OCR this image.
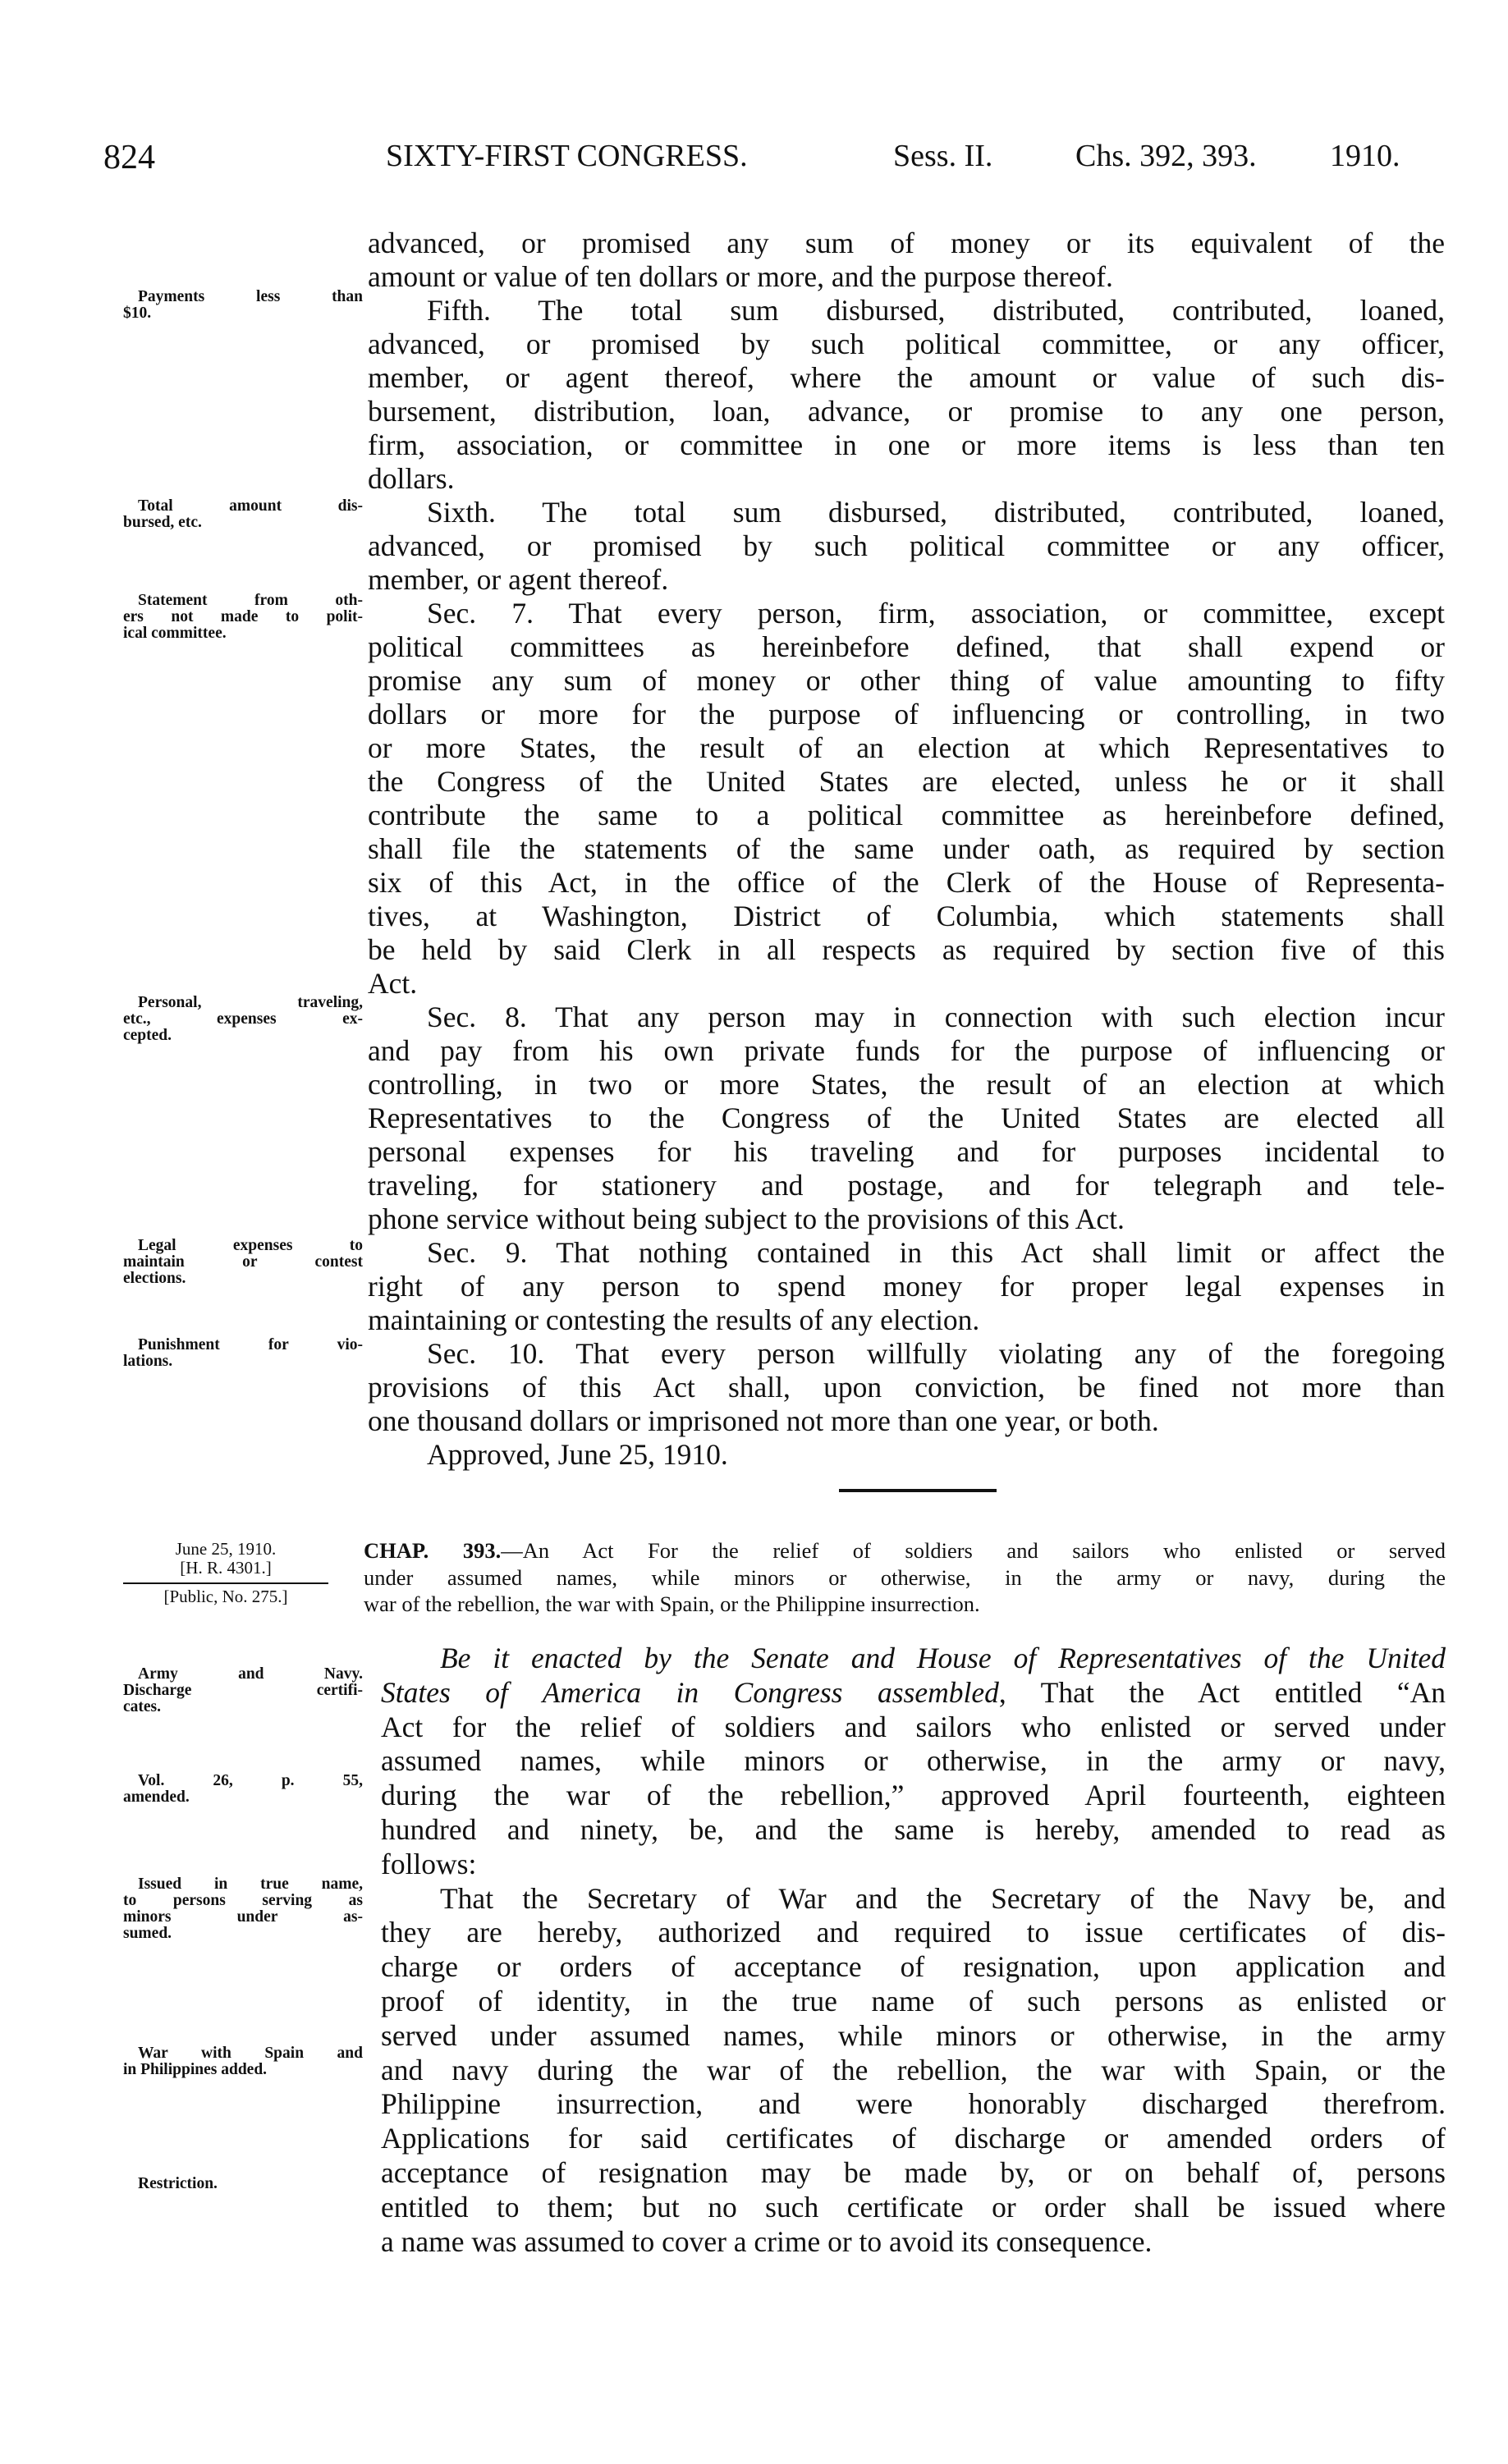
824	SIXTY-FIRST CONGRESS.	Sess. II.	Chs. 392, 393. 1910.
advanced, or promised any sum of money or its equivalent of the
amount or value of ten dollars or more, and the purpose thereof.
Fifth. The total sum disbursed, distributed, contributed, loaned,
advanced, or promised by such political committee, or any officer,
member, or agent thereof, where the amount or value of such dis-
bursement, distribution, loan, advance, or promise to any one person,
firm, association, or committee in one or more items is less than ten
dollars.
Sixth. The total sum disbursed, distributed, contributed, loaned,
advanced, or promised by such political committee or any officer,
member, or agent thereof.
Sec. 7. That every person, firm, association, or committee, except
political committees as hereinbefore defined, that shall expend or
promise any sum of money or other thing of value amounting to fifty
dollars or more for the purpose of influencing or controlling, in two
or more States, the result of an election at which Representatives to
the Congress of the United States are elected, unless he or it shall
contribute the same to a political committee as hereinbefore defined,
shall file the statements of the same under oath, as required by section
six of this Act, in the office of the Clerk of the House of Representa-
tives, at Washington, District of Columbia, which statements shall
be held by said Clerk in all respects as required by section five of this
Act.
Sec. 8. That any person may in connection with such election incur
and pay from his own private funds for the purpose of influencing or
controlling, in two or more States, the result of an election at which
Representatives to the Congress of the United States are elected all
personal expenses for his traveling and for purposes incidental to
traveling, for stationery and postage, and for telegraph and tele-
phone service without being subject to the provisions of this Act.
Sec. 9. That nothing contained in this Act shall limit or affect the
right of any person to spend money for proper legal expenses in
maintaining or contesting the results of any election.
Sec. 10. That every person willfully violating any of the foregoing
provisions of this Act shall, upon conviction, be fined not more than
one thousand dollars or imprisoned not more than one year, or both.
Approved, June 25, 1910.
June 25, 1910.
[H. R. 4301.]
[Public, No. 275.]
CHAP. 393.—An Act For the relief of soldiers and sailors who enlisted or served
under assumed names, while minors or otherwise, in the army or navy, during the
war of the rebellion, the war with Spain, or the Philippine insurrection.
Be it enacted by the Senate and House of Representatives of the United
States of America in Congress assembled, That the Act entitled “An
Act for the relief of soldiers and sailors who enlisted or served under
assumed names, while minors or otherwise, in the army or navy,
during the war of the rebellion,” approved April fourteenth, eighteen
hundred and ninety, be, and the same is hereby, amended to read as
follows:
That the Secretary of War and the Secretary of the Navy be, and
they are hereby, authorized and required to issue certificates of dis-
charge or orders of acceptance of resignation, upon application and
proof of identity, in the true name of such persons as enlisted or
served under assumed names, while minors or otherwise, in the army
and navy during the war of the rebellion, the war with Spain, or the
Philippine insurrection, and were honorably discharged therefrom.
Applications for said certificates of discharge or amended orders of
acceptance of resignation may be made by, or on behalf of, persons
entitled to them; but no such certificate or order shall be issued where
a name was assumed to cover a crime or to avoid its consequence.
Payments less than
$10.
Total amount dis-
bursed, etc.
Statement from oth-
ers not made to polit-
ical committee.
Personal, traveling,
etc., expenses ex-
cepted.
Legal expenses to
maintain or contest
elections.
Punishment for vio-
lations.
Army and Navy.
Discharge certifi-
cates.
Vol. 26, p. 55,
amended.
Issued in true name,
to persons serving as
minors under as-
sumed.
War with Spain and
in Philippines added.
Restriction.
